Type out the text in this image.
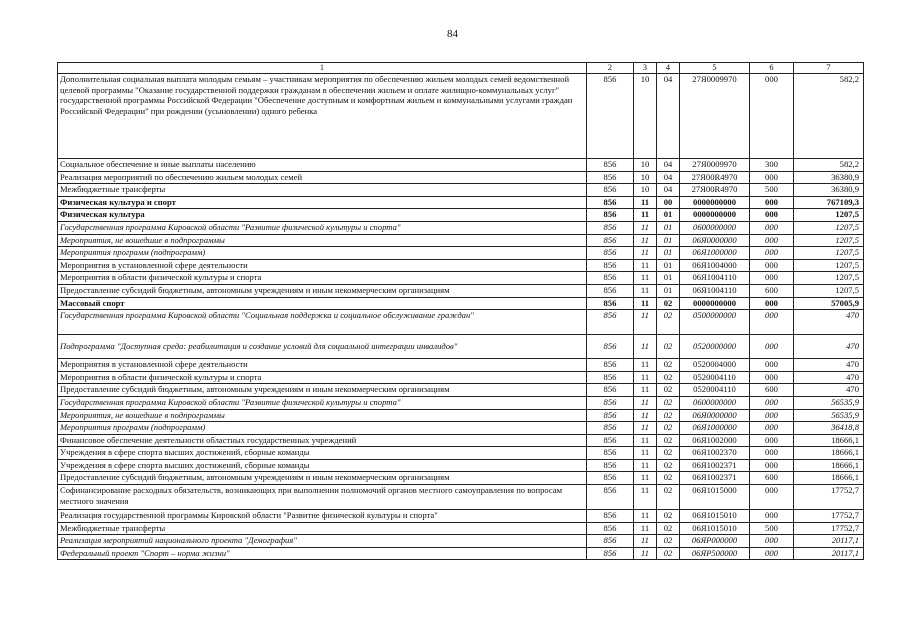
84
1	2	3	4	5	6	7
Дополнительная социальная выплата молодым семьям – участникам мероприятия по обеспечению жильем молодых семей ведомственной целевой программы "Оказание государственной поддержки гражданам в обеспечении жильем и оплате жилищно-коммунальных услуг" государственной программы Российской Федерации "Обеспечение доступным и комфортным жильем и коммунальными услугами граждан Российской Федерации" при рождении (усыновлении) одного ребенка	856	10	04	27Я0009970	000	582,2
Социальное обеспечение и иные выплаты населению	856	10	04	27Я0009970	300	582,2
Реализация мероприятий по обеспечению жильем молодых семей	856	10	04	27Я00R4970	000	36380,9
Межбюджетные трансферты	856	10	04	27Я00R4970	500	36380,9
Физическая культура и спорт	856	11	00	0000000000	000	767109,3
Физическая культура	856	11	01	0000000000	000	1207,5
Государственная программа Кировской области "Развитие физической культуры и спорта"	856	11	01	0600000000	000	1207,5
Мероприятия, не вошедшие в подпрограммы	856	11	01	06Я0000000	000	1207,5
Мероприятия программ (подпрограмм)	856	11	01	06Я1000000	000	1207,5
Мероприятия в установленной сфере деятельности	856	11	01	06Я1004000	000	1207,5
Мероприятия в области физической культуры и спорта	856	11	01	06Я1004110	000	1207,5
Предоставление субсидий бюджетным, автономным учреждениям и иным некоммерческим организациям	856	11	01	06Я1004110	600	1207,5
Массовый спорт	856	11	02	0000000000	000	57005,9
Государственная программа Кировской области "Социальная поддержка и социальное обслуживание граждан"	856	11	02	0500000000	000	470
Подпрограмма "Доступная среда: реабилитация и создание условий для социальной интеграции инвалидов"	856	11	02	0520000000	000	470
Мероприятия в установленной сфере деятельности	856	11	02	0520004000	000	470
Мероприятия в области физической культуры и спорта	856	11	02	0520004110	000	470
Предоставление субсидий бюджетным, автономным учреждениям и иным некоммерческим организациям	856	11	02	0520004110	600	470
Государственная программа Кировской области "Развитие физической культуры и спорта"	856	11	02	0600000000	000	56535,9
Мероприятия, не вошедшие в подпрограммы	856	11	02	06Я0000000	000	56535,9
Мероприятия программ (подпрограмм)	856	11	02	06Я1000000	000	36418,8
Финансовое обеспечение деятельности областных государственных учреждений	856	11	02	06Я1002000	000	18666,1
Учреждения в сфере спорта высших достижений, сборные команды	856	11	02	06Я1002370	000	18666,1
Учреждения в сфере спорта высших достижений, сборные команды	856	11	02	06Я1002371	000	18666,1
Предоставление субсидий бюджетным, автономным учреждениям и иным некоммерческим организациям	856	11	02	06Я1002371	600	18666,1
Софинансирование расходных обязательств, возникающих при выполнении полномочий органов местного самоуправления по вопросам местного значения	856	11	02	06Я1015000	000	17752,7
Реализация государственной программы Кировской области "Развитие физической культуры и спорта"	856	11	02	06Я1015010	000	17752,7
Межбюджетные трансферты	856	11	02	06Я1015010	500	17752,7
Реализация мероприятий национального проекта "Демография"	856	11	02	06ЯP000000	000	20117,1
Федеральный проект "Спорт – норма жизни"	856	11	02	06ЯP500000	000	20117,1
